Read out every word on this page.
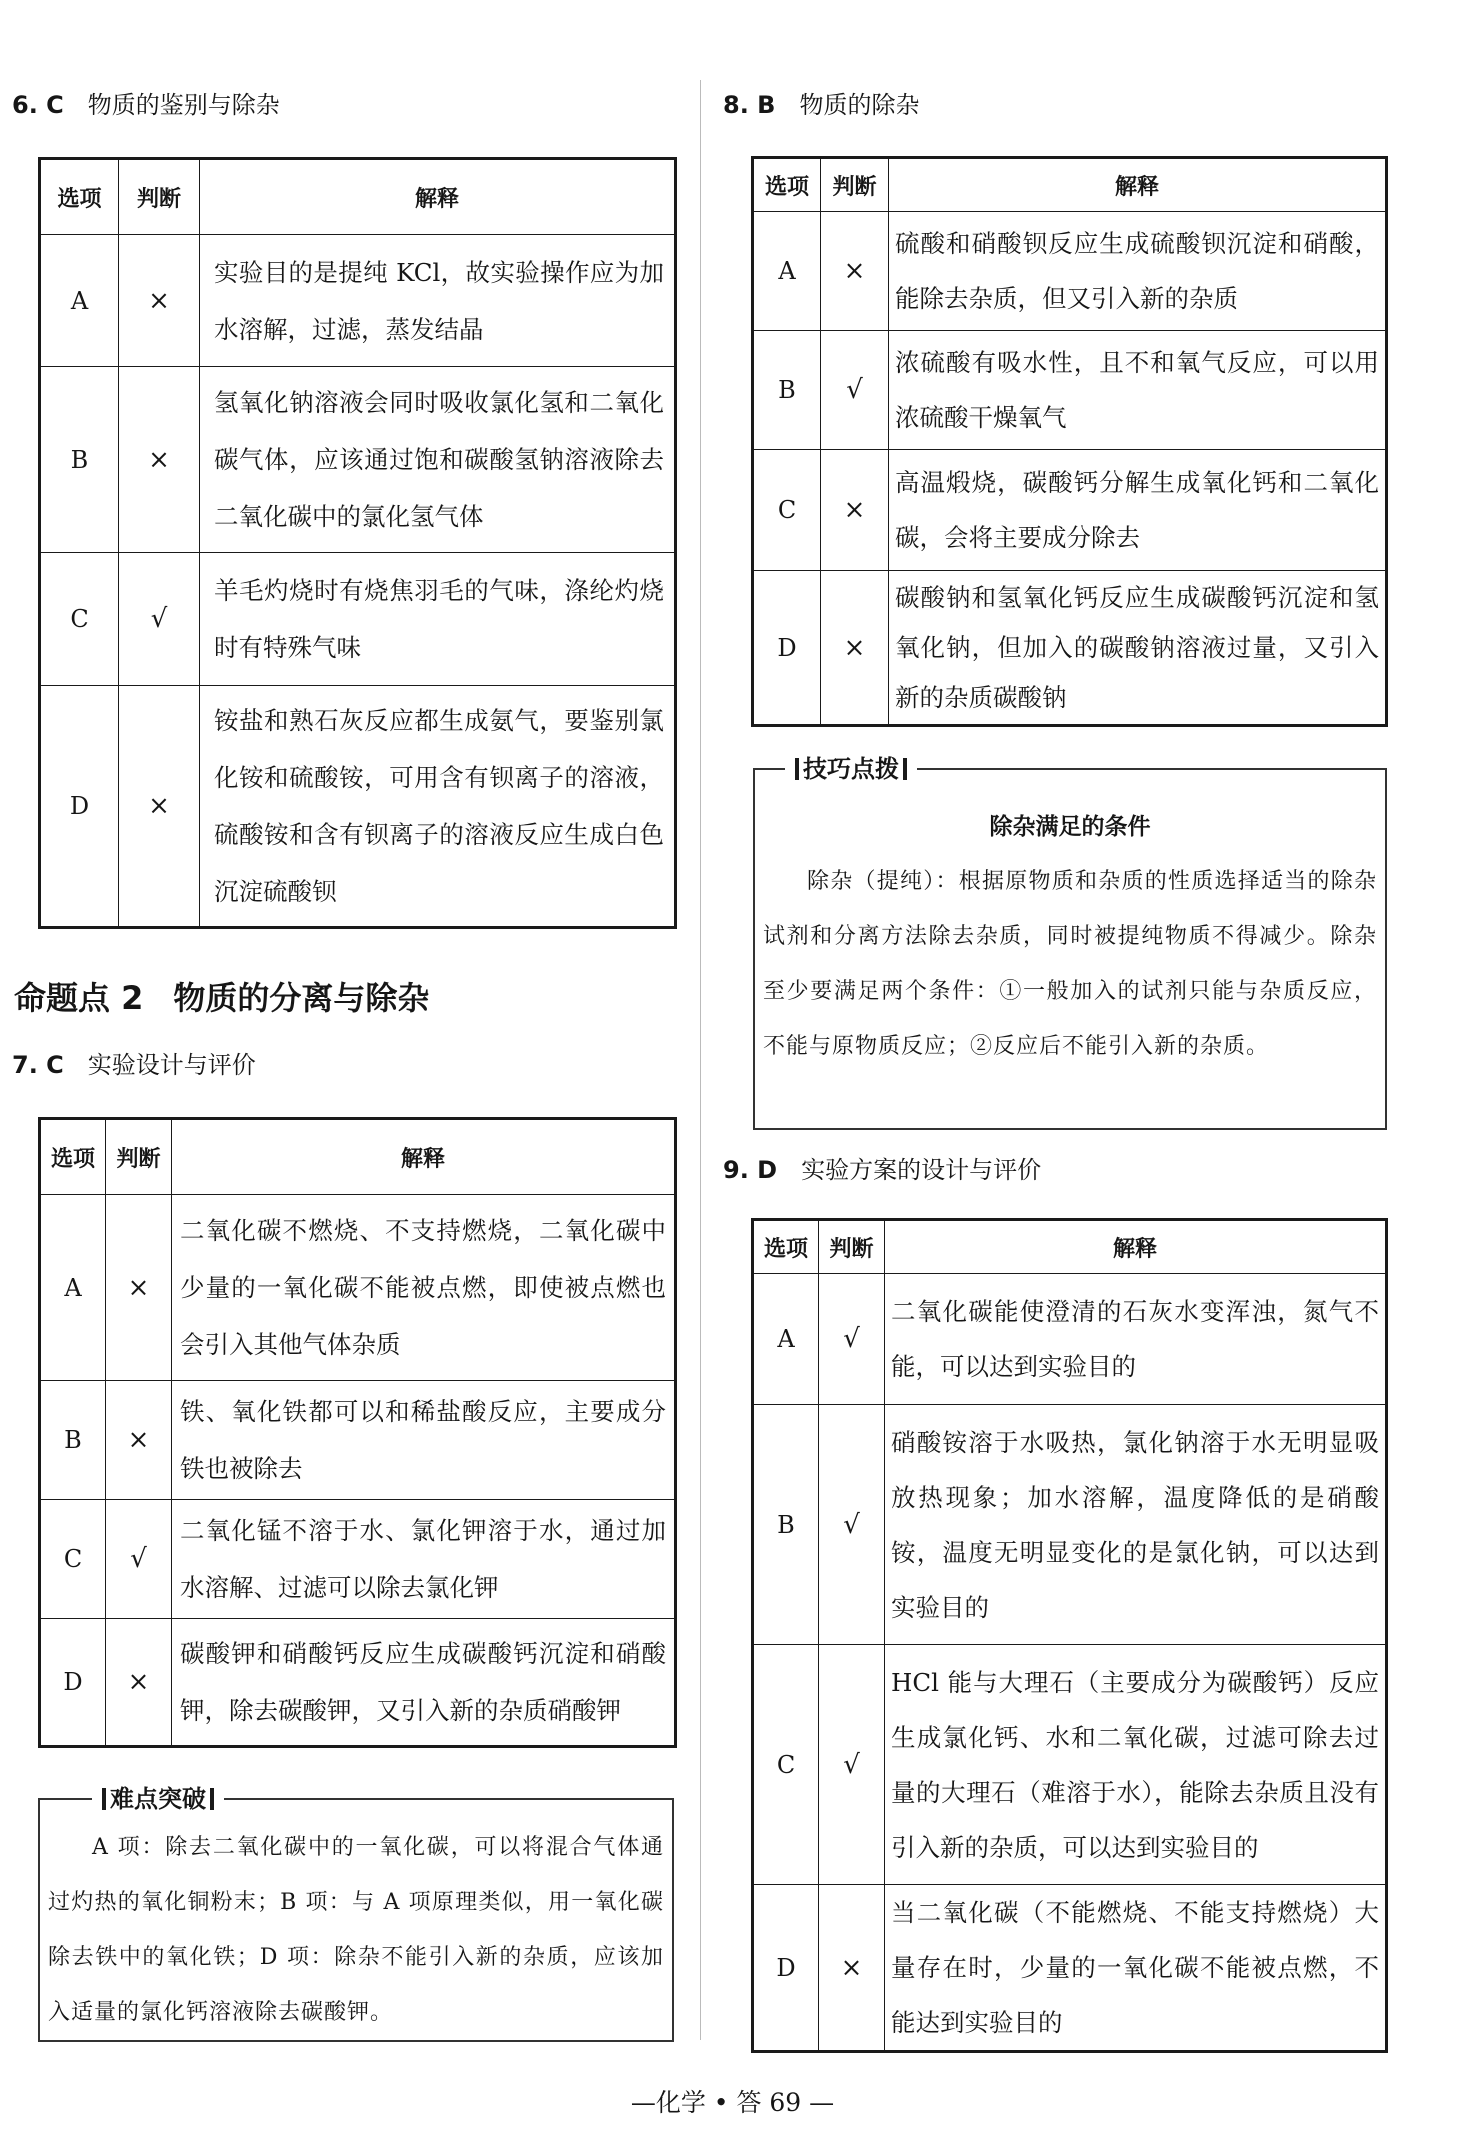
6. C 物质的鉴别与除杂
选项	判断	解释
A	×	实验目的是提纯 KCl，故实验操作应为加水溶解，过滤，蒸发结晶
B	×	氢氧化钠溶液会同时吸收氯化氢和二氧化碳气体，应该通过饱和碳酸氢钠溶液除去二氧化碳中的氯化氢气体
C	√	羊毛灼烧时有烧焦羽毛的气味，涤纶灼烧时有特殊气味
D	×	铵盐和熟石灰反应都生成氨气，要鉴别氯化铵和硫酸铵，可用含有钡离子的溶液，硫酸铵和含有钡离子的溶液反应生成白色沉淀硫酸钡
命题点 2 物质的分离与除杂
7. C 实验设计与评价
选项	判断	解释
A	×	二氧化碳不燃烧、不支持燃烧，二氧化碳中少量的一氧化碳不能被点燃，即使被点燃也会引入其他气体杂质
B	×	铁、氧化铁都可以和稀盐酸反应，主要成分铁也被除去
C	√	二氧化锰不溶于水、氯化钾溶于水，通过加水溶解、过滤可以除去氯化钾
D	×	碳酸钾和硝酸钙反应生成碳酸钙沉淀和硝酸钾，除去碳酸钾，又引入新的杂质硝酸钾
难点突破
A 项：除去二氧化碳中的一氧化碳，可以将混合气体通过灼热的氧化铜粉末；B 项：与 A 项原理类似，用一氧化碳除去铁中的氧化铁；D 项：除杂不能引入新的杂质，应该加入适量的氯化钙溶液除去碳酸钾。
8. B 物质的除杂
选项	判断	解释
A	×	硫酸和硝酸钡反应生成硫酸钡沉淀和硝酸，能除去杂质，但又引入新的杂质
B	√	浓硫酸有吸水性，且不和氧气反应，可以用浓硫酸干燥氧气
C	×	高温煅烧，碳酸钙分解生成氧化钙和二氧化碳，会将主要成分除去
D	×	碳酸钠和氢氧化钙反应生成碳酸钙沉淀和氢氧化钠，但加入的碳酸钠溶液过量，又引入新的杂质碳酸钠
技巧点拨
除杂满足的条件
除杂（提纯）：根据原物质和杂质的性质选择适当的除杂试剂和分离方法除去杂质，同时被提纯物质不得减少。除杂至少要满足两个条件：①一般加入的试剂只能与杂质反应，不能与原物质反应；②反应后不能引入新的杂质。
9. D 实验方案的设计与评价
选项	判断	解释
A	√	二氧化碳能使澄清的石灰水变浑浊，氮气不能，可以达到实验目的
B	√	硝酸铵溶于水吸热，氯化钠溶于水无明显吸放热现象；加水溶解，温度降低的是硝酸铵，温度无明显变化的是氯化钠，可以达到实验目的
C	√	HCl 能与大理石（主要成分为碳酸钙）反应生成氯化钙、水和二氧化碳，过滤可除去过量的大理石（难溶于水），能除去杂质且没有引入新的杂质，可以达到实验目的
D	×	当二氧化碳（不能燃烧、不能支持燃烧）大量存在时，少量的一氧化碳不能被点燃，不能达到实验目的
—化学 • 答 69 —
